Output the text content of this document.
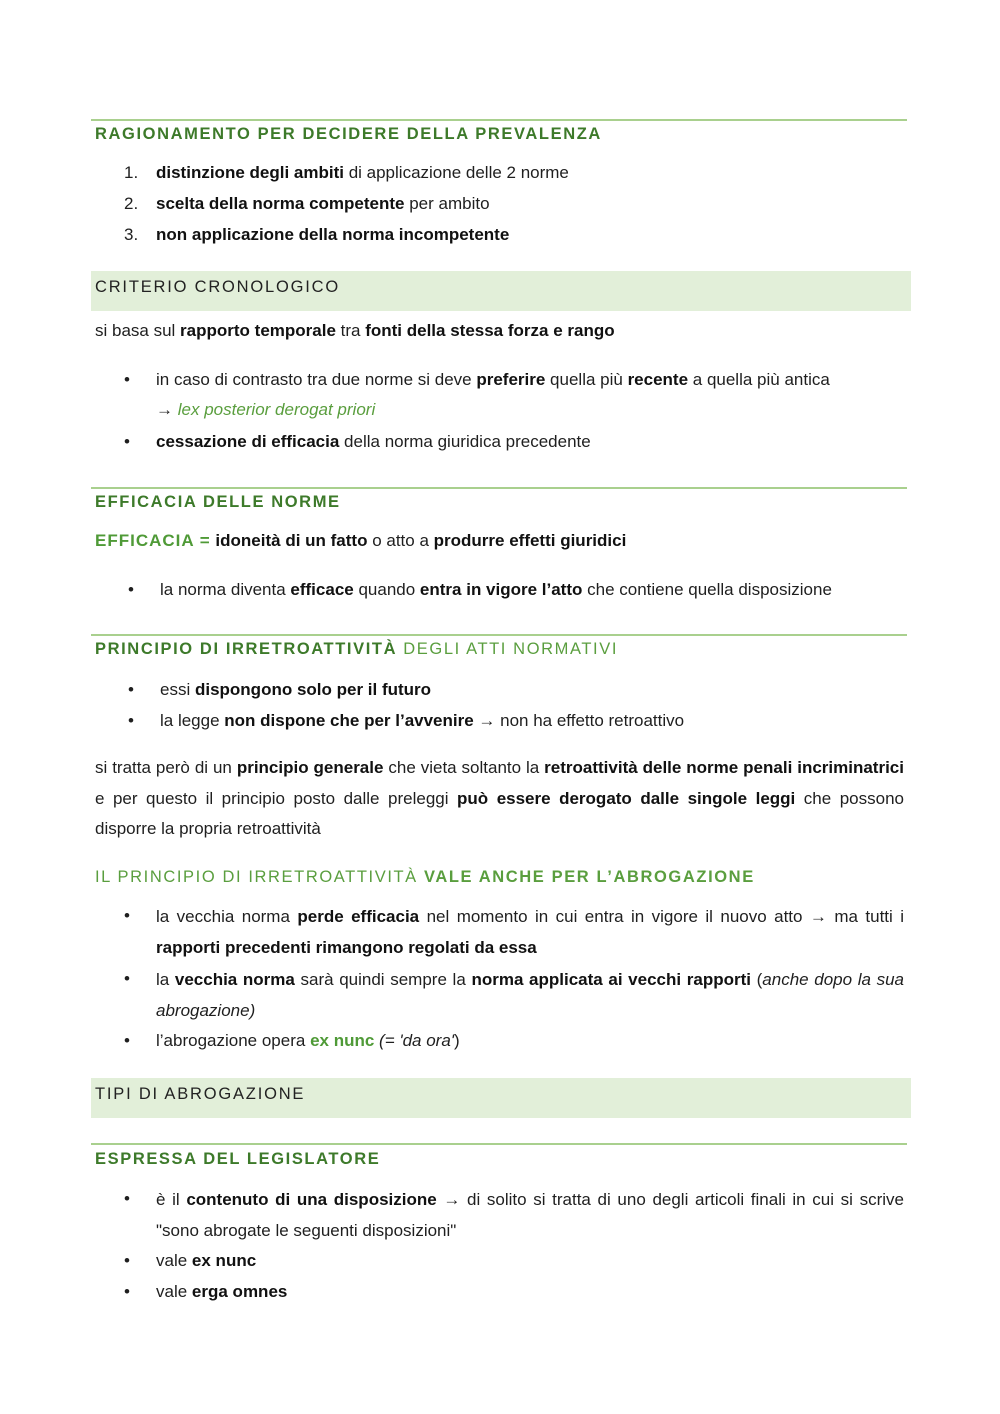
RAGIONAMENTO PER DECIDERE DELLA PREVALENZA
1. distinzione degli ambiti di applicazione delle 2 norme
2. scelta della norma competente per ambito
3. non applicazione della norma incompetente
CRITERIO CRONOLOGICO
si basa sul rapporto temporale tra fonti della stessa forza e rango
• in caso di contrasto tra due norme si deve preferire quella più recente a quella più antica
→ lex posterior derogat priori
• cessazione di efficacia della norma giuridica precedente
EFFICACIA DELLE NORME
EFFICACIA = idoneità di un fatto o atto a produrre effetti giuridici
• la norma diventa efficace quando entra in vigore l’atto che contiene quella disposizione
PRINCIPIO DI IRRETROATTIVITÀ DEGLI ATTI NORMATIVI
• essi dispongono solo per il futuro
• la legge non dispone che per l’avvenire → non ha effetto retroattivo
si tratta però di un principio generale che vieta soltanto la retroattività delle norme penali incriminatrici e per questo il principio posto dalle preleggi può essere derogato dalle singole leggi che possono disporre la propria retroattività
IL PRINCIPIO DI IRRETROATTIVITÀ VALE ANCHE PER L’ABROGAZIONE
• la vecchia norma perde efficacia nel momento in cui entra in vigore il nuovo atto → ma tutti i rapporti precedenti rimangono regolati da essa
• la vecchia norma sarà quindi sempre la norma applicata ai vecchi rapporti (anche dopo la sua abrogazione)
• l’abrogazione opera ex nunc (= 'da ora')
TIPI DI ABROGAZIONE
ESPRESSA DEL LEGISLATORE
• è il contenuto di una disposizione → di solito si tratta di uno degli articoli finali in cui si scrive "sono abrogate le seguenti disposizioni"
• vale ex nunc
• vale erga omnes
